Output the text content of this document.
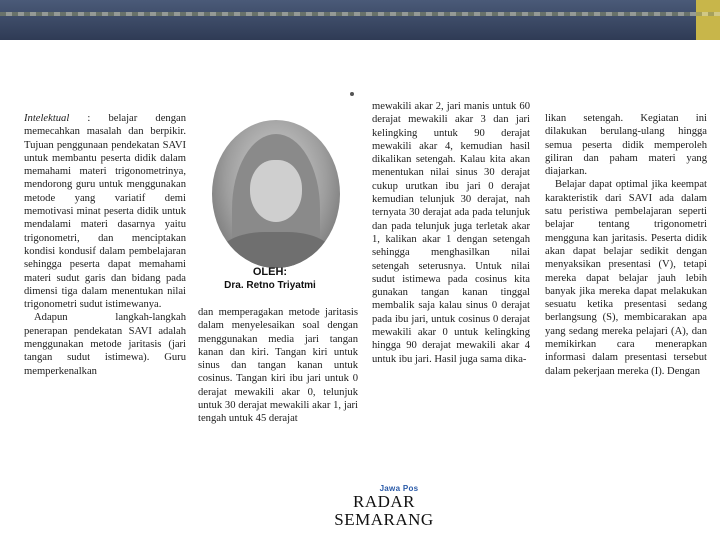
Intelektual : belajar dengan memecahkan masalah dan berpikir. Tujuan penggunaan pendekatan SAVI untuk membantu peserta didik dalam memahami materi trigonometrinya, mendorong guru untuk menggunakan metode yang variatif demi memotivasi minat peserta didik untuk mendalami materi dasarnya yaitu trigonometri, dan menciptakan kondisi kondusif dalam pembelajaran sehingga peserta dapat memahami materi sudut garis dan bidang pada dimensi tiga dalam menentukan nilai trigonometri sudut istimewanya.

Adapun langkah-langkah penerapan pendekatan SAVI adalah menggunakan metode jaritasis (jari tangan sudut istimewa). Guru memperkenalkan

OLEH:
Dra. Retno Triyatmi

dan memperagakan metode jaritasis dalam menyelesaikan soal dengan menggunakan media jari tangan kanan dan kiri. Tangan kiri untuk sinus dan tangan kanan untuk cosinus. Tangan kiri ibu jari untuk 0 derajat mewakili akar 0, telunjuk untuk 30 derajat mewakili akar 1, jari tengah untuk 45 derajat

mewakili akar 2, jari manis untuk 60 derajat mewakili akar 3 dan jari kelingking untuk 90 derajat mewakili akar 4, kemudian hasil dikalikan setengah. Kalau kita akan menentukan nilai sinus 30 derajat cukup urutkan ibu jari 0 derajat kemudian telunjuk 30 derajat, nah ternyata 30 derajat ada pada telunjuk dan pada telunjuk juga terletak akar 1, kalikan akar 1 dengan setengah sehingga menghasilkan nilai setengah seterusnya. Untuk nilai sudut istimewa pada cosinus kita gunakan tangan kanan tinggal membalik saja kalau sinus 0 derajat pada ibu jari, untuk cosinus 0 derajat mewakili akar 0 untuk kelingking hingga 90 derajat mewakili akar 4 untuk ibu jari. Hasil juga sama dika-

likan setengah. Kegiatan ini dilakukan berulang-ulang hingga semua peserta didik memperoleh giliran dan paham materi yang diajarkan.

Belajar dapat optimal jika keempat karakteristik dari SAVI ada dalam satu peristiwa pembelajaran seperti belajar tentang trigonometri mengguna kan jaritasis. Peserta didik akan dapat belajar sedikit dengan menyaksikan presentasi (V), tetapi mereka dapat belajar jauh lebih banyak jika mereka dapat melakukan sesuatu ketika presentasi sedang berlangsung (S), membicarakan apa yang sedang mereka pelajari (A), dan memikirkan cara menerapkan informasi dalam presentasi tersebut dalam pekerjaan mereka (I). Dengan

Jawa Pos
RADAR SEMARANG
